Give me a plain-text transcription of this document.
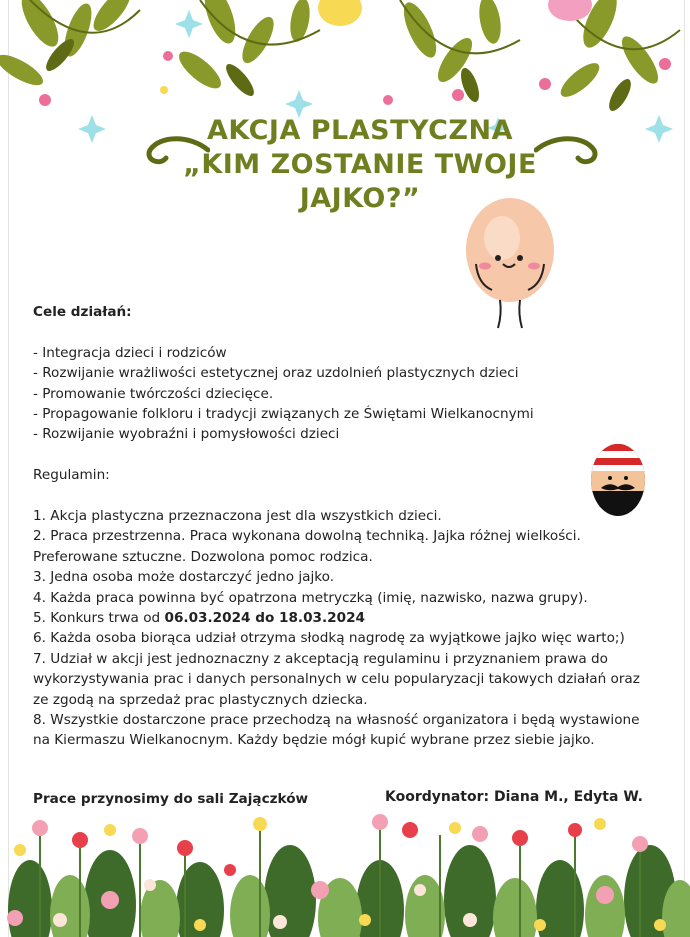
AKCJA PLASTYCZNA
„KIM ZOSTANIE TWOJE
JAJKO?”
Cele działań:
- Integracja dzieci i rodziców
- Rozwijanie wrażliwości estetycznej oraz uzdolnień plastycznych dzieci
- Promowanie twórczości dziecięce.
- Propagowanie folkloru i tradycji związanych ze Świętami Wielkanocnymi
- Rozwijanie wyobraźni i pomysłowości dzieci
Regulamin:
1. Akcja plastyczna przeznaczona jest dla wszystkich dzieci.
2. Praca przestrzenna. Praca wykonana dowolną techniką. Jajka różnej wielkości. Preferowane sztuczne. Dozwolona pomoc rodzica.
3. Jedna osoba może dostarczyć jedno jajko.
4. Każda praca powinna być opatrzona metryczką (imię, nazwisko, nazwa grupy).
5. Konkurs trwa od 06.03.2024 do 18.03.2024
6. Każda osoba biorąca udział otrzyma słodką nagrodę za wyjątkowe jajko więc warto;)
7. Udział w akcji jest jednoznaczny z akceptacją regulaminu i przyznaniem prawa do wykorzystywania prac i danych personalnych w celu popularyzacji takowych działań oraz ze zgodą na sprzedaż prac plastycznych dziecka.
8. Wszystkie dostarczone prace przechodzą na własność organizatora i będą wystawione na Kiermaszu Wielkanocnym. Każdy będzie mógł kupić wybrane przez siebie jajko.
Prace przynosimy do sali Zajączków	Koordynator: Diana M., Edyta W.
